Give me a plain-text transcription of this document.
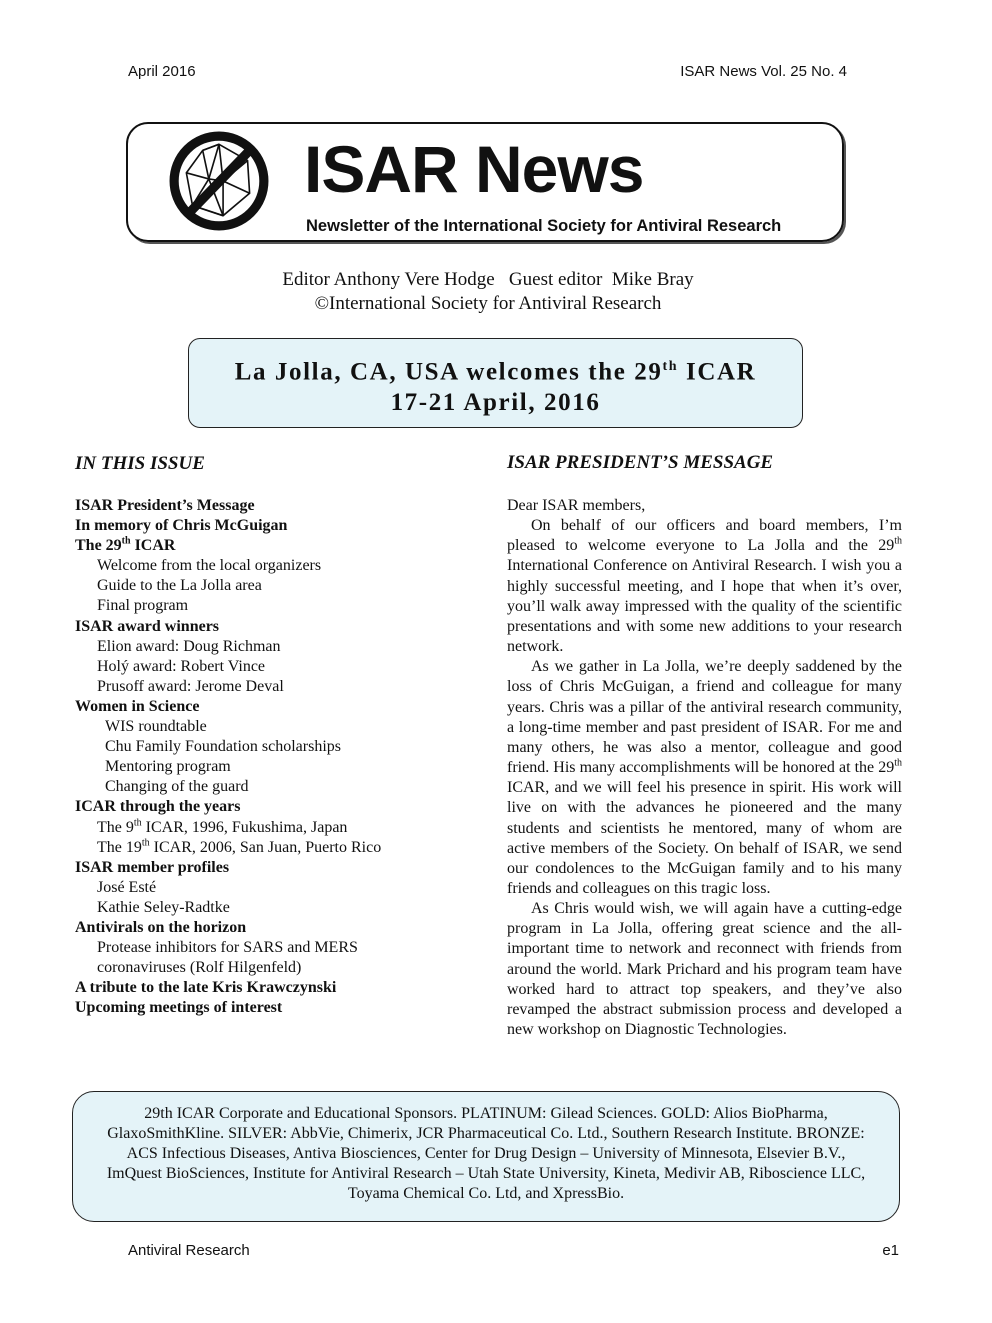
April 2016	ISAR News Vol. 25 No. 4
ISAR News
Newsletter of the International Society for Antiviral Research
Editor Anthony Vere Hodge   Guest editor  Mike Bray
©International Society for Antiviral Research
La Jolla, CA, USA welcomes the 29th ICAR
17-21 April, 2016
IN THIS ISSUE	ISAR PRESIDENT’S MESSAGE
ISAR President’s Message
In memory of Chris McGuigan
The 29th ICAR
Welcome from the local organizers
Guide to the La Jolla area
Final program
ISAR award winners
Elion award: Doug Richman
Holý award: Robert Vince
Prusoff award: Jerome Deval
Women in Science
WIS roundtable
Chu Family Foundation scholarships
Mentoring program
Changing of the guard
ICAR through the years
The 9th ICAR, 1996, Fukushima, Japan
The 19th ICAR, 2006, San Juan, Puerto Rico
ISAR member profiles
José Esté
Kathie Seley-Radtke
Antivirals on the horizon
Protease inhibitors for SARS and MERS
coronaviruses (Rolf Hilgenfeld)
A tribute to the late Kris Krawczynski
Upcoming meetings of interest

Dear ISAR members,

On behalf of our officers and board members, I’m pleased to welcome everyone to La Jolla and the 29th International Conference on Antiviral Research. I wish you a highly successful meeting, and I hope that when it’s over, you’ll walk away impressed with the quality of the scientific presentations and with some new additions to your research network.

As we gather in La Jolla, we’re deeply saddened by the loss of Chris McGuigan, a friend and colleague for many years. Chris was a pillar of the antiviral research community, a long-time member and past president of ISAR. For me and many others, he was also a mentor, colleague and good friend. His many accomplishments will be honored at the 29th ICAR, and we will feel his presence in spirit. His work will live on with the advances he pioneered and the many students and scientists he mentored, many of whom are active members of the Society. On behalf of ISAR, we send our condolences to the McGuigan family and to his many friends and colleagues on this tragic loss.

As Chris would wish, we will again have a cutting-edge program in La Jolla, offering great science and the all-important time to network and reconnect with friends from around the world. Mark Prichard and his program team have worked hard to attract top speakers, and they’ve also revamped the abstract submission process and developed a new workshop on Diagnostic Technologies.

29th ICAR Corporate and Educational Sponsors. PLATINUM: Gilead Sciences. GOLD: Alios BioPharma, GlaxoSmithKline. SILVER: AbbVie, Chimerix, JCR Pharmaceutical Co. Ltd., Southern Research Institute. BRONZE: ACS Infectious Diseases, Antiva Biosciences, Center for Drug Design – University of Minnesota, Elsevier B.V., ImQuest BioSciences, Institute for Antiviral Research – Utah State University, Kineta, Medivir AB, Riboscience LLC, Toyama Chemical Co. Ltd, and XpressBio.
Antiviral Research	e1
